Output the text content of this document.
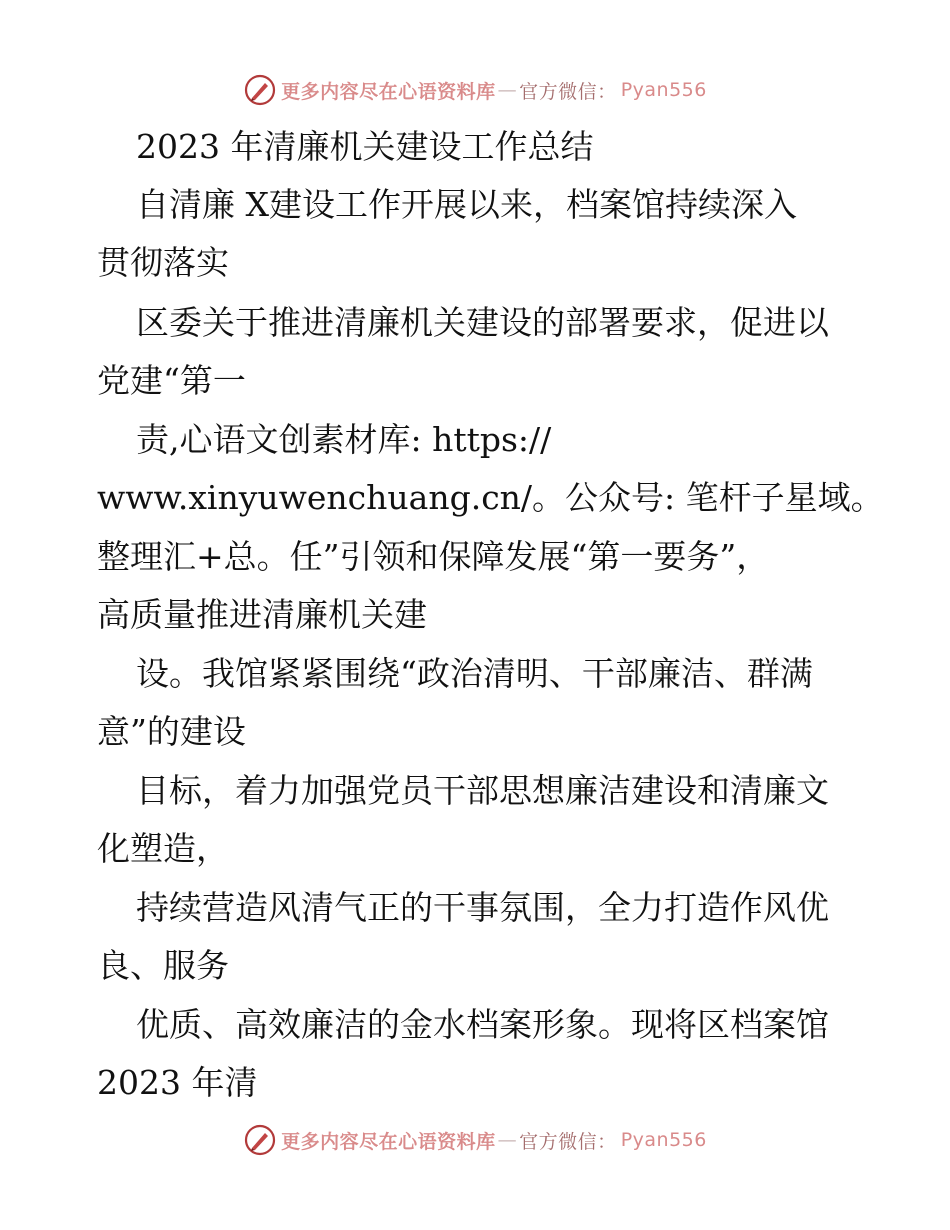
更多内容尽在心语资料库 — 官方微信： Pyan556
2023 年清廉机关建设工作总结
自清廉 X建设工作开展以来，档案馆持续深入
贯彻落实
区委关于推进清廉机关建设的部署要求，促进以
党建“第一
责,心语文创素材库: https://
www.xinyuwenchuang.cn/。公众号: 笔杆子星域。
整理汇+总。任”引领和保障发展“第一要务”，
高质量推进清廉机关建
设。我馆紧紧围绕“政治清明、干部廉洁、群满
意”的建设
目标，着力加强党员干部思想廉洁建设和清廉文
化塑造，
持续营造风清气正的干事氛围，全力打造作风优
良、服务
优质、高效廉洁的金水档案形象。现将区档案馆
2023 年清
更多内容尽在心语资料库 — 官方微信： Pyan556
